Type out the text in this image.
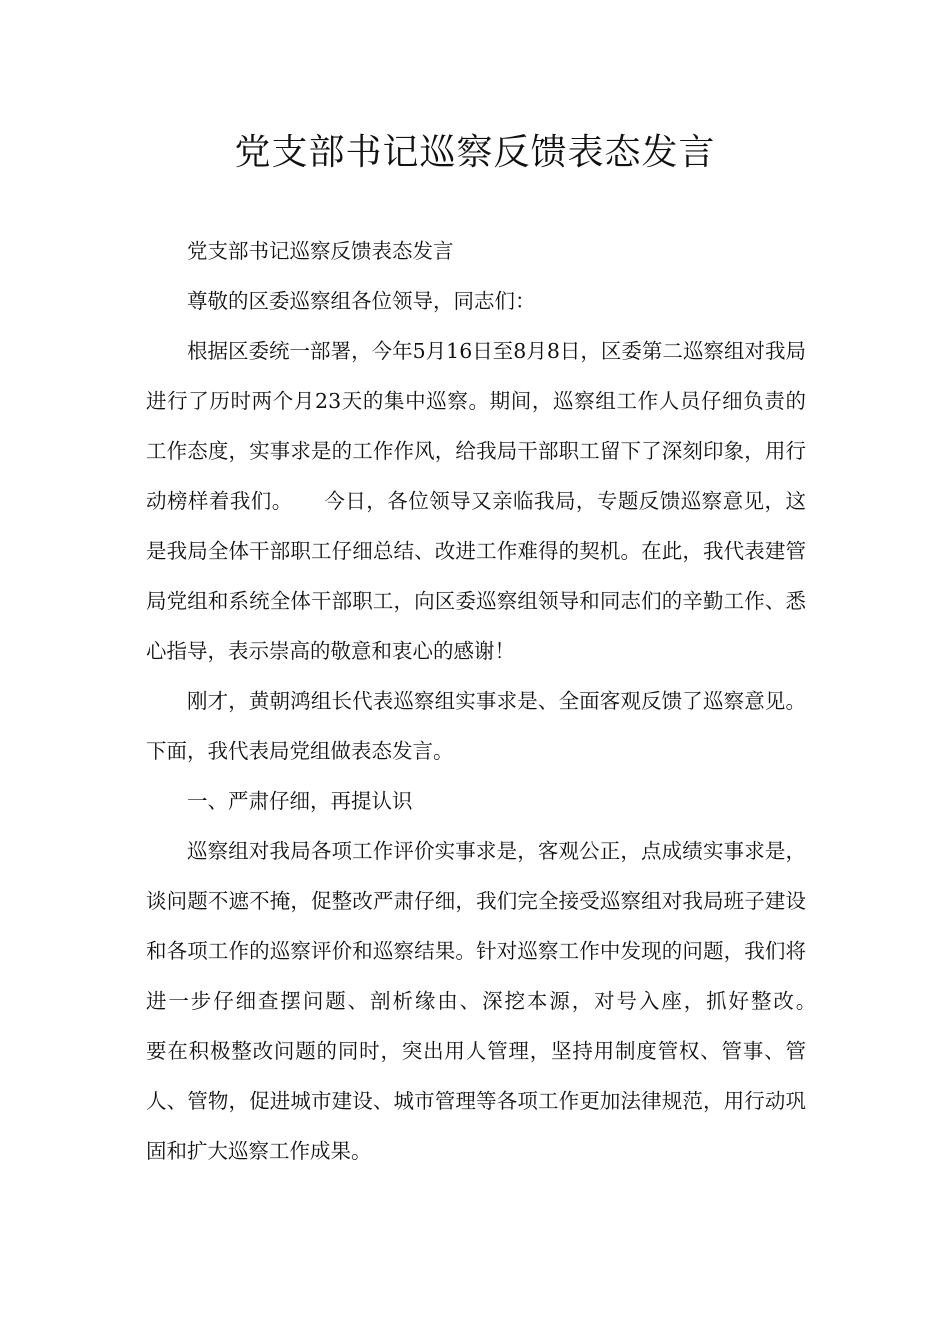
党支部书记巡察反馈表态发言

党支部书记巡察反馈表态发言

尊敬的区委巡察组各位领导，同志们：

根据区委统一部署，今年5月16日至8月8日，区委第二巡察组对我局进行了历时两个月23天的集中巡察。期间，巡察组工作人员仔细负责的工作态度，实事求是的工作作风，给我局干部职工留下了深刻印象，用行动榜样着我们。　　今日，各位领导又亲临我局，专题反馈巡察意见，这是我局全体干部职工仔细总结、改进工作难得的契机。在此，我代表建管局党组和系统全体干部职工，向区委巡察组领导和同志们的辛勤工作、悉心指导，表示崇高的敬意和衷心的感谢！

刚才，黄朝鸿组长代表巡察组实事求是、全面客观反馈了巡察意见。下面，我代表局党组做表态发言。

一、严肃仔细，再提认识

巡察组对我局各项工作评价实事求是，客观公正，点成绩实事求是，谈问题不遮不掩，促整改严肃仔细，我们完全接受巡察组对我局班子建设和各项工作的巡察评价和巡察结果。针对巡察工作中发现的问题，我们将进一步仔细查摆问题、剖析缘由、深挖本源，对号入座，抓好整改。　　要在积极整改问题的同时，突出用人管理，坚持用制度管权、管事、管人、管物，促进城市建设、城市管理等各项工作更加法律规范，用行动巩固和扩大巡察工作成果。
